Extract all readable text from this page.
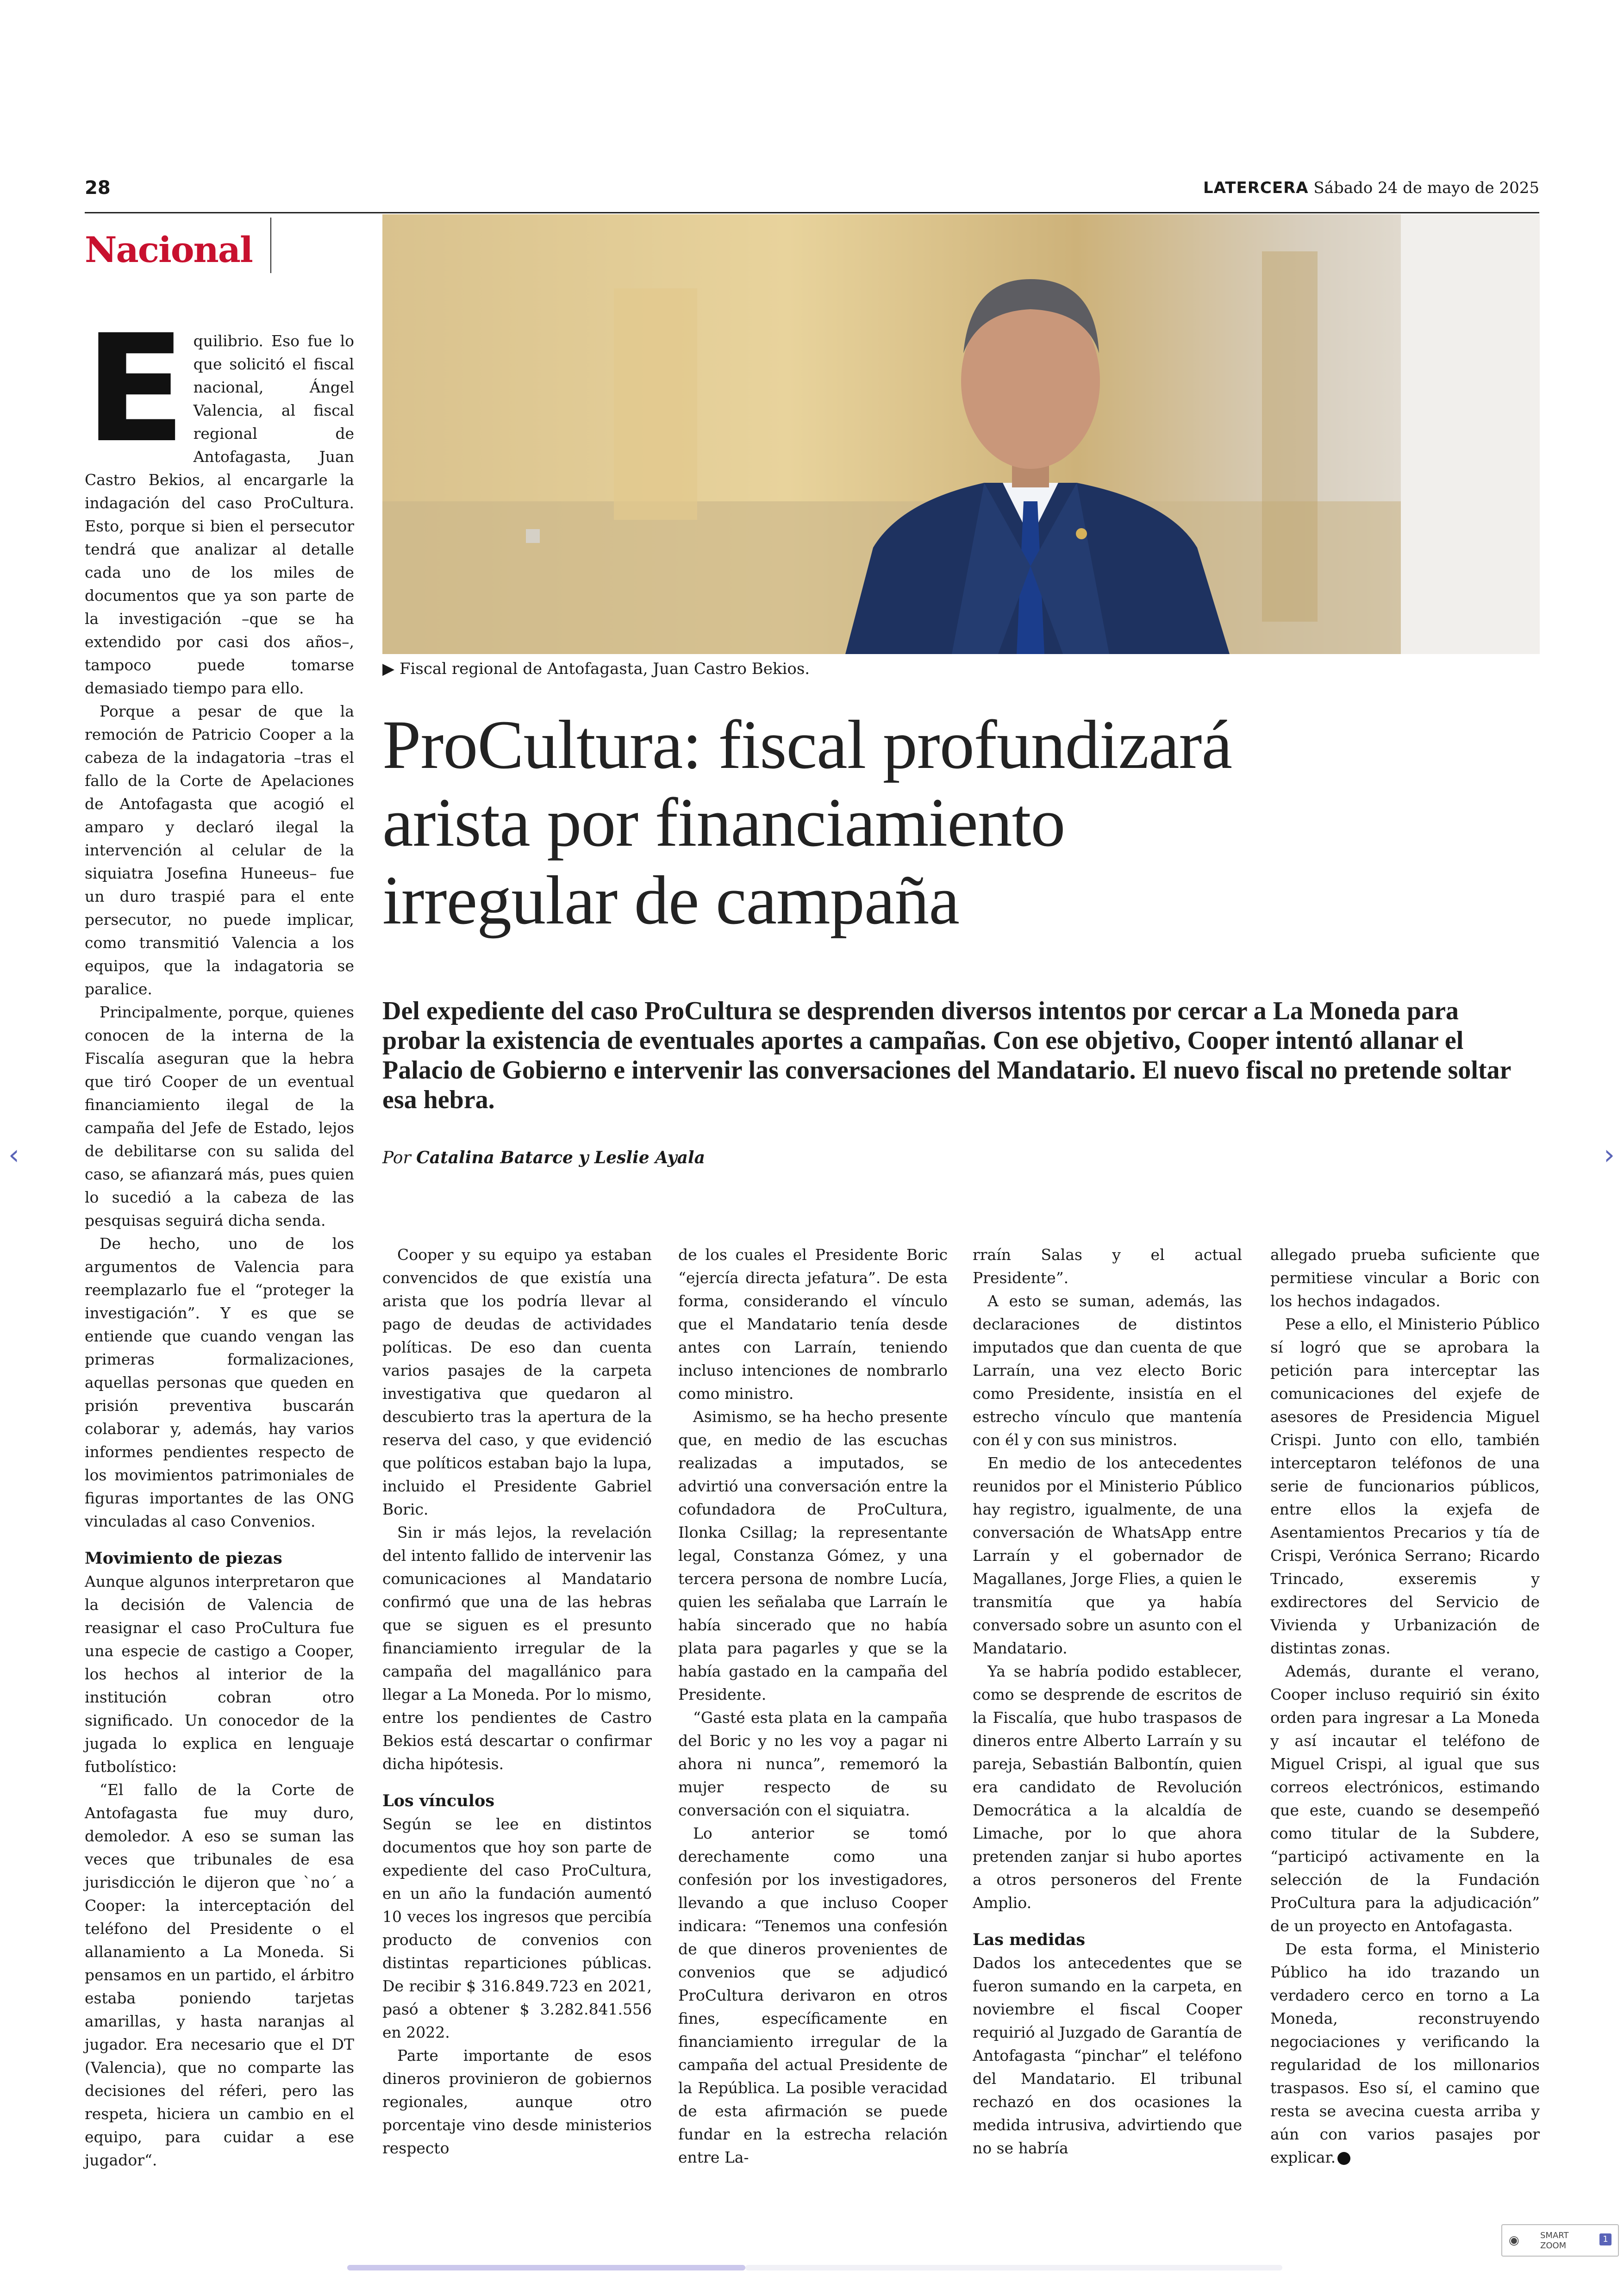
28	LATERCERA Sábado 24 de mayo de 2025
Nacional
▶ Fiscal regional de Antofagasta, Juan Castro Bekios.
ProCultura: fiscal profundizará
arista por financiamiento
irregular de campaña
Del expediente del caso ProCultura se desprenden diversos intentos por cercar a La Moneda para probar la existencia de eventuales aportes a campañas. Con ese objetivo, Cooper intentó allanar el Palacio de Gobierno e intervenir las conversaciones del Mandatario. El nuevo fiscal no pretende soltar esa hebra.
Por Catalina Batarce y Leslie Ayala
E quilibrio. Eso fue lo que solicitó el fiscal nacional, Ángel Valencia, al fiscal regional de Antofagasta, Juan Castro Bekios, al encargarle la indagación del caso ProCultura. Esto, porque si bien el persecutor tendrá que analizar al detalle cada uno de los miles de documentos que ya son parte de la investigación –que se ha extendido por casi dos años–, tampoco puede tomarse demasiado tiempo para ello.

Porque a pesar de que la remoción de Patricio Cooper a la cabeza de la indagatoria –tras el fallo de la Corte de Apelaciones de Antofagasta que acogió el amparo y declaró ilegal la intervención al celular de la siquiatra Josefina Huneeus– fue un duro traspié para el ente persecutor, no puede implicar, como transmitió Valencia a los equipos, que la indagatoria se paralice.

Principalmente, porque, quienes conocen de la interna de la Fiscalía aseguran que la hebra que tiró Cooper de un eventual financiamiento ilegal de la campaña del Jefe de Estado, lejos de debilitarse con su salida del caso, se afianzará más, pues quien lo sucedió a la cabeza de las pesquisas seguirá dicha senda.

De hecho, uno de los argumentos de Valencia para reemplazarlo fue el “proteger la investigación”. Y es que se entiende que cuando vengan las primeras formalizaciones, aquellas personas que queden en prisión preventiva buscarán colaborar y, además, hay varios informes pendientes respecto de los movimientos patrimoniales de figuras importantes de las ONG vinculadas al caso Convenios.

Movimiento de piezas

Aunque algunos interpretaron que la decisión de Valencia de reasignar el caso ProCultura fue una especie de castigo a Cooper, los hechos al interior de la institución cobran otro significado. Un conocedor de la jugada lo explica en lenguaje futbolístico:

“El fallo de la Corte de Antofagasta fue muy duro, demoledor. A eso se suman las veces que tribunales de esa jurisdicción le dijeron que `no´ a Cooper: la interceptación del teléfono del Presidente o el allanamiento a La Moneda. Si pensamos en un partido, el árbitro estaba poniendo tarjetas amarillas, y hasta naranjas al jugador. Era necesario que el DT (Valencia), que no comparte las decisiones del réferi, pero las respeta, hiciera un cambio en el equipo, para cuidar a ese jugador“.

Cooper y su equipo ya estaban convencidos de que existía una arista que los podría llevar al pago de deudas de actividades políticas. De eso dan cuenta varios pasajes de la carpeta investigativa que quedaron al descubierto tras la apertura de la reserva del caso, y que evidenció que políticos estaban bajo la lupa, incluido el Presidente Gabriel Boric.

Sin ir más lejos, la revelación del intento fallido de intervenir las comunicaciones al Mandatario confirmó que una de las hebras que se siguen es el presunto financiamiento irregular de la campaña del magallánico para llegar a La Moneda. Por lo mismo, entre los pendientes de Castro Bekios está descartar o confirmar dicha hipótesis.

Los vínculos

Según se lee en distintos documentos que hoy son parte de expediente del caso ProCultura, en un año la fundación aumentó 10 veces los ingresos que percibía producto de convenios con distintas reparticiones públicas. De recibir $ 316.849.723 en 2021, pasó a obtener $ 3.282.841.556 en 2022.

Parte importante de esos dineros provinieron de gobiernos regionales, aunque otro porcentaje vino desde ministerios respecto

de los cuales el Presidente Boric “ejercía directa jefatura”. De esta forma, considerando el vínculo que el Mandatario tenía desde antes con Larraín, teniendo incluso intenciones de nombrarlo como ministro.

Asimismo, se ha hecho presente que, en medio de las escuchas realizadas a imputados, se advirtió una conversación entre la cofundadora de ProCultura, Ilonka Csillag; la representante legal, Constanza Gómez, y una tercera persona de nombre Lucía, quien les señalaba que Larraín le había sincerado que no había plata para pagarles y que se la había gastado en la campaña del Presidente.

“Gasté esta plata en la campaña del Boric y no les voy a pagar ni ahora ni nunca”, rememoró la mujer respecto de su conversación con el siquiatra.

Lo anterior se tomó derechamente como una confesión por los investigadores, llevando a que incluso Cooper indicara: “Tenemos una confesión de que dineros provenientes de convenios que se adjudicó ProCultura derivaron en otros fines, específicamente en financiamiento irregular de la campaña del actual Presidente de la República. La posible veracidad de esta afirmación se puede fundar en la estrecha relación entre La-

rraín Salas y el actual Presidente”.

A esto se suman, además, las declaraciones de distintos imputados que dan cuenta de que Larraín, una vez electo Boric como Presidente, insistía en el estrecho vínculo que mantenía con él y con sus ministros.

En medio de los antecedentes reunidos por el Ministerio Público hay registro, igualmente, de una conversación de WhatsApp entre Larraín y el gobernador de Magallanes, Jorge Flies, a quien le transmitía que ya había conversado sobre un asunto con el Mandatario.

Ya se habría podido establecer, como se desprende de escritos de la Fiscalía, que hubo traspasos de dineros entre Alberto Larraín y su pareja, Sebastián Balbontín, quien era candidato de Revolución Democrática a la alcaldía de Limache, por lo que ahora pretenden zanjar si hubo aportes a otros personeros del Frente Amplio.

Las medidas

Dados los antecedentes que se fueron sumando en la carpeta, en noviembre el fiscal Cooper requirió al Juzgado de Garantía de Antofagasta “pinchar” el teléfono del Mandatario. El tribunal rechazó en dos ocasiones la medida intrusiva, advirtiendo que no se habría

allegado prueba suficiente que permitiese vincular a Boric con los hechos indagados.

Pese a ello, el Ministerio Público sí logró que se aprobara la petición para interceptar las comunicaciones del exjefe de asesores de Presidencia Miguel Crispi. Junto con ello, también interceptaron teléfonos de una serie de funcionarios públicos, entre ellos la exjefa de Asentamientos Precarios y tía de Crispi, Verónica Serrano; Ricardo Trincado, exseremis y exdirectores del Servicio de Vivienda y Urbanización de distintas zonas.

Además, durante el verano, Cooper incluso requirió sin éxito orden para ingresar a La Moneda y así incautar el teléfono de Miguel Crispi, al igual que sus correos electrónicos, estimando que este, cuando se desempeñó como titular de la Subdere, “participó activamente en la selección de la Fundación ProCultura para la adjudicación” de un proyecto en Antofagasta.

De esta forma, el Ministerio Público ha ido trazando un verdadero cerco en torno a La Moneda, reconstruyendo negociaciones y verificando la regularidad de los millonarios traspasos. Eso sí, el camino que resta se avecina cuesta arriba y aún con varios pasajes por explicar.

‹	›
◉	SMART
ZOOM
1
